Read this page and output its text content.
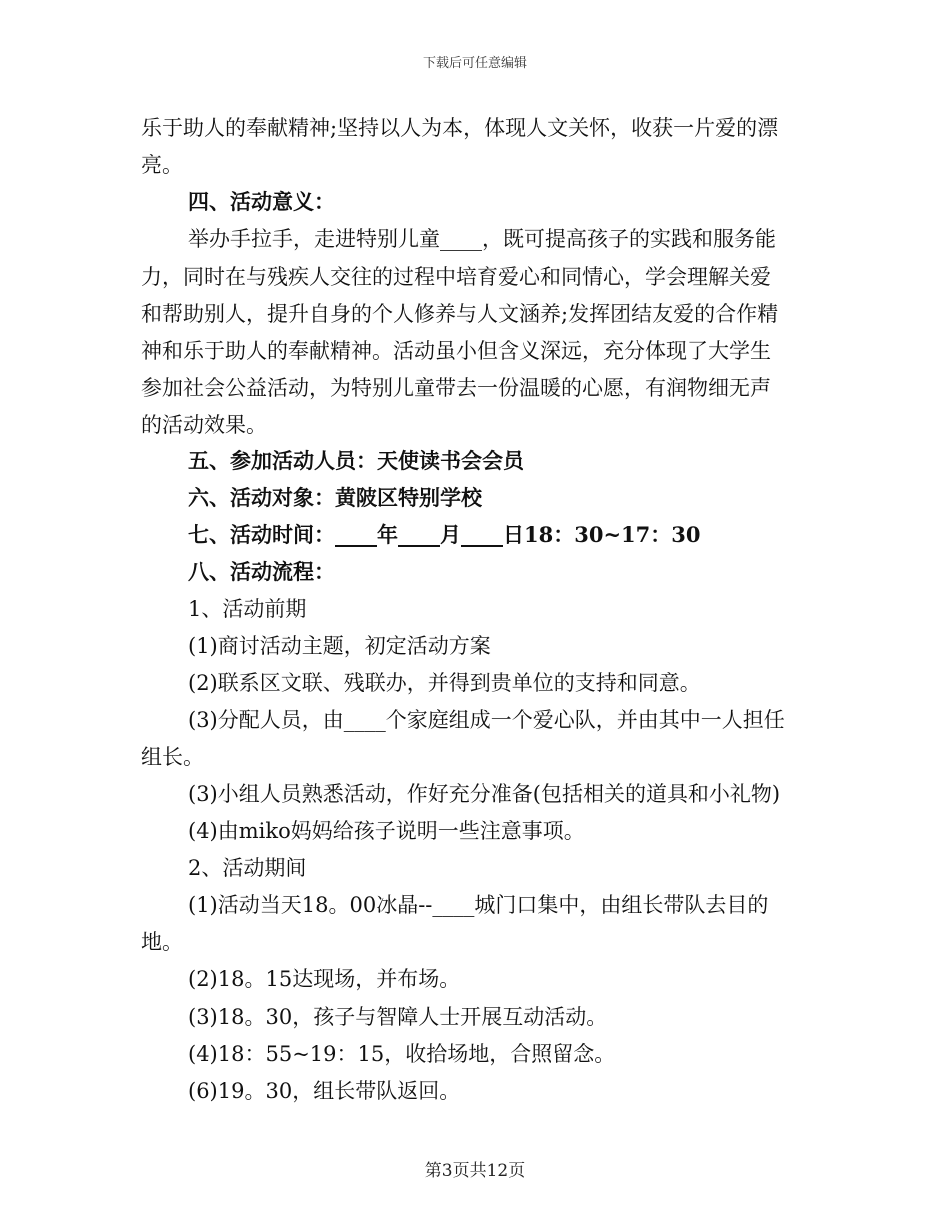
下载后可任意编辑
乐于助人的奉献精神;坚持以人为本，体现人文关怀，收获一片爱的漂
亮。
四、活动意义：
举办手拉手，走进特别儿童____，既可提高孩子的实践和服务能
力，同时在与残疾人交往的过程中培育爱心和同情心，学会理解关爱
和帮助别人，提升自身的个人修养与人文涵养;发挥团结友爱的合作精
神和乐于助人的奉献精神。活动虽小但含义深远，充分体现了大学生
参加社会公益活动，为特别儿童带去一份温暖的心愿，有润物细无声
的活动效果。
五、参加活动人员：天使读书会会员
六、活动对象：黄陂区特别学校
七、活动时间：____年____月____日18：30~17：30
八、活动流程：
1、活动前期
(1)商讨活动主题，初定活动方案
(2)联系区文联、残联办，并得到贵单位的支持和同意。
(3)分配人员，由____个家庭组成一个爱心队，并由其中一人担任
组长。
(3)小组人员熟悉活动，作好充分准备(包括相关的道具和小礼物)
(4)由miko妈妈给孩子说明一些注意事项。
2、活动期间
(1)活动当天18。00冰晶--____城门口集中，由组长带队去目的
地。
(2)18。15达现场，并布场。
(3)18。30，孩子与智障人士开展互动活动。
(4)18：55~19：15，收拾场地，合照留念。
(6)19。30，组长带队返回。
第3页共12页
